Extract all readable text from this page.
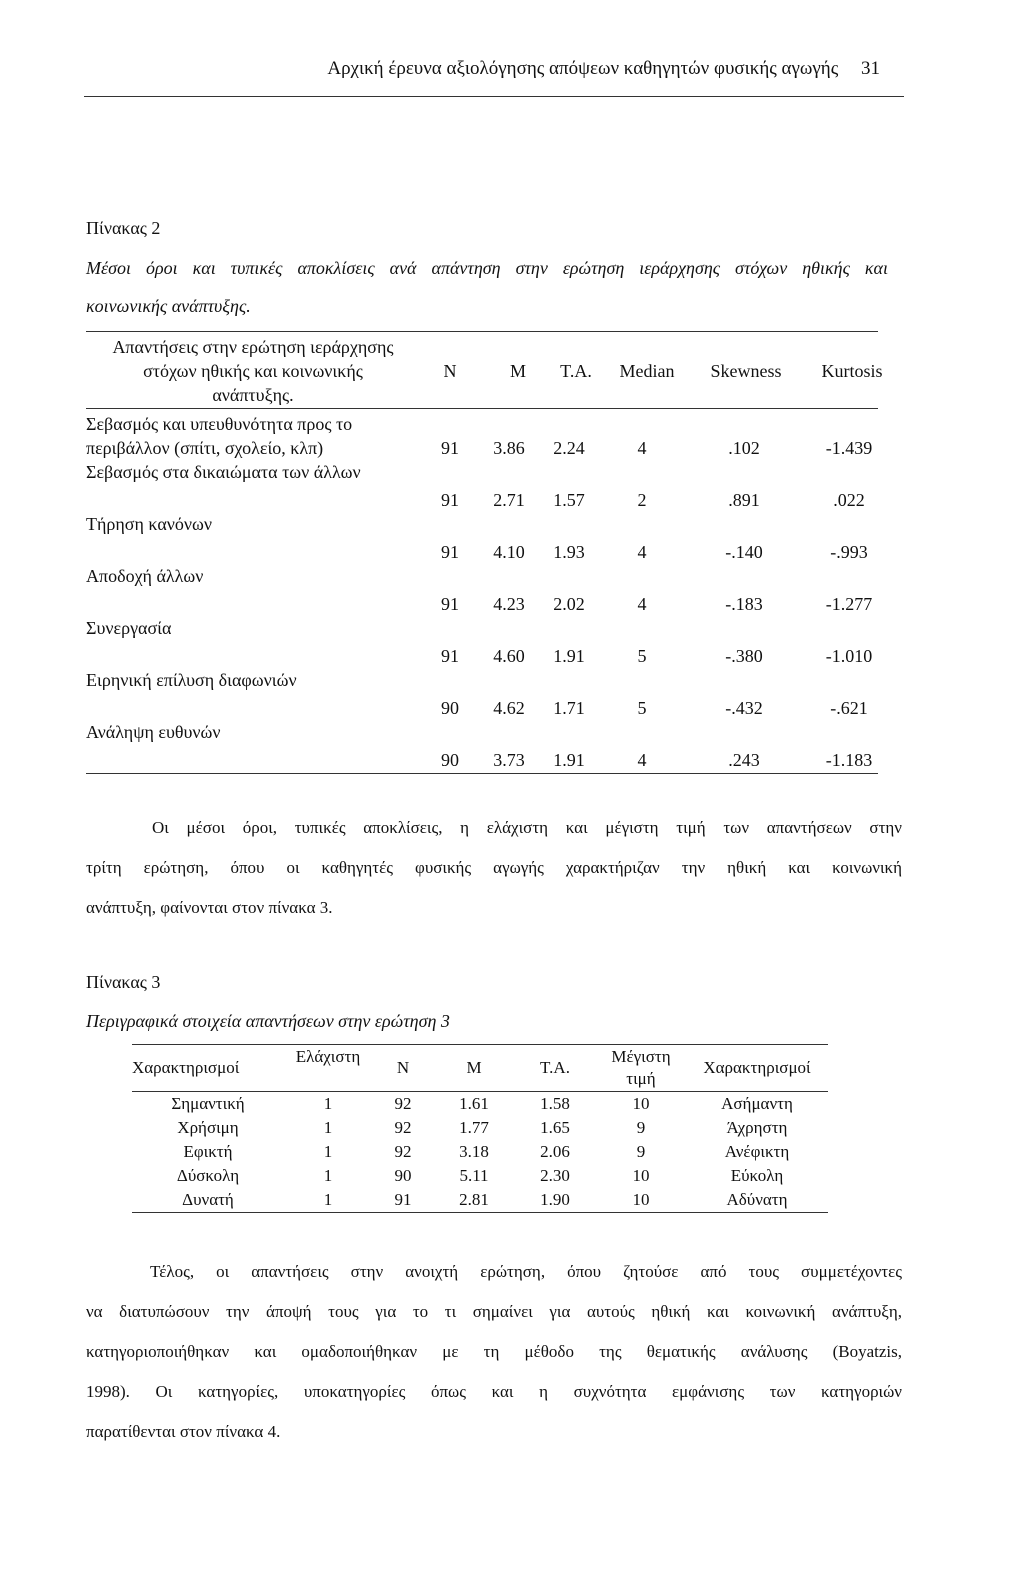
Αρχική έρευνα αξιολόγησης απόψεων καθηγητών φυσικής αγωγής 31
Πίνακας 2
Μέσοι όροι και τυπικές αποκλίσεις ανά απάντηση στην ερώτηση ιεράρχησης στόχων ηθικής και
κοινωνικής ανάπτυξης.
Απαντήσεις στην ερώτηση ιεράρχησης
στόχων ηθικής και κοινωνικής
ανάπτυξης.
N	M	T.A.	Median	Skewness	Kurtosis
Σεβασμός και υπευθυνότητα προς το
περιβάλλον (σπίτι, σχολείο, κλπ)	91	3.86	2.24	4	.102	-1.439
Σεβασμός στα δικαιώματα των άλλων
91	2.71	1.57	2	.891	.022
Τήρηση κανόνων
91	4.10	1.93	4	-.140	-.993
Αποδοχή άλλων
91	4.23	2.02	4	-.183	-1.277
Συνεργασία
91	4.60	1.91	5	-.380	-1.010
Ειρηνική επίλυση διαφωνιών
90	4.62	1.71	5	-.432	-.621
Ανάληψη ευθυνών
90	3.73	1.91	4	.243	-1.183

Οι μέσοι όροι, τυπικές αποκλίσεις, η ελάχιστη και μέγιστη τιμή των απαντήσεων στην

τρίτη ερώτηση, όπου οι καθηγητές φυσικής αγωγής χαρακτήριζαν την ηθική και κοινωνική

ανάπτυξη, φαίνονται στον πίνακα 3.

Πίνακας 3
Περιγραφικά στοιχεία απαντήσεων στην ερώτηση 3
Χαρακτηρισμοί	Ελάχιστη	N	M	T.A.	Μέγιστη τιμή	Χαρακτηρισμοί
Σημαντική	1	92	1.61	1.58	10	Ασήμαντη
Χρήσιμη	1	92	1.77	1.65	9	Άχρηστη
Εφικτή	1	92	3.18	2.06	9	Ανέφικτη
Δύσκολη	1	90	5.11	2.30	10	Εύκολη
Δυνατή	1	91	2.81	1.90	10	Αδύνατη

Τέλος, οι απαντήσεις στην ανοιχτή ερώτηση, όπου ζητούσε από τους συμμετέχοντες

να διατυπώσουν την άποψή τους για το τι σημαίνει για αυτούς ηθική και κοινωνική ανάπτυξη,

κατηγοριοποιήθηκαν και ομαδοποιήθηκαν με τη μέθοδο της θεματικής ανάλυσης (Boyatzis,

1998). Οι κατηγορίες, υποκατηγορίες όπως και η συχνότητα εμφάνισης των κατηγοριών

παρατίθενται στον πίνακα 4.
